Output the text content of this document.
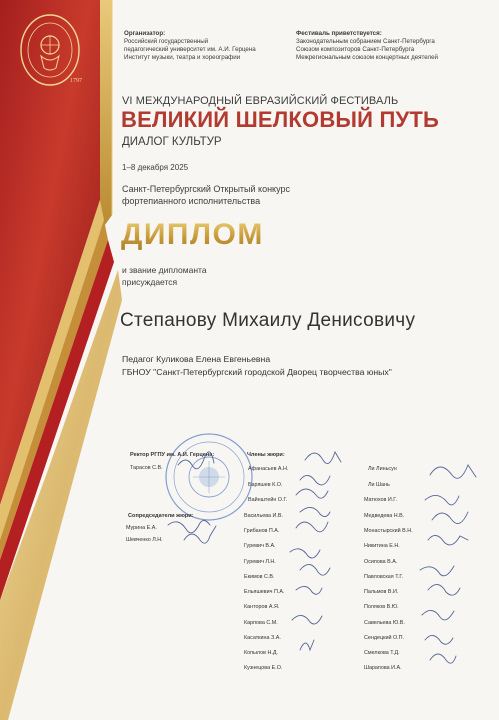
1797
Организатор:
Российский государственный
педагогический университет им. А.И. Герцена
Институт музыки, театра и хореографии
Фестиваль приветствуется:
Законодательным собранием Санкт-Петербурга
Союзом композиторов Санкт-Петербурга
Межрегиональным союзом концертных деятелей
VI МЕЖДУНАРОДНЫЙ ЕВРАЗИЙСКИЙ ФЕСТИВАЛЬ
ВЕЛИКИЙ ШЕЛКОВЫЙ ПУТЬ
ДИАЛОГ КУЛЬТУР
1–8 декабря 2025
Санкт-Петербургский Открытый конкурс
фортепианного исполнительства
ДИПЛОМ
и звание дипломанта
присуждается
Степанову Михаилу Денисовичу
Педагог Куликова Елена Евгеньевна
ГБНОУ "Санкт-Петербургский городской Дворец творчества юных"
Ректор РГПУ им. А.И. Герцена:
Тарасов С.В.
Сопредседатели жюри:
Мурина Е.А.
Шевченко Л.Н.
Члены жюри:
Афанасьев А.Н.
Баряшев К.О.
Вайнштейн О.Г.
Васильева И.В.
Грибанов П.А.
Гуревич В.А.
Гуревич Л.Н.
Екимов С.В.
Ельяшевич П.А.
Канторов А.Я.
Карпова С.М.
Касаткина З.А.
Копылов Н.Д.
Кузнецова Е.О.
Ли Линьсун
Ли Шань
Матюхов И.Г.
Медведева Н.В.
Монастырский В.Н.
Никитина Е.Н.
Осипова В.А.
Павловская Т.Г.
Пальмов В.И.
Поляков В.Ю.
Савельева Ю.В.
Сендецкий О.П.
Смелкова Т.Д.
Шарапова И.А.
